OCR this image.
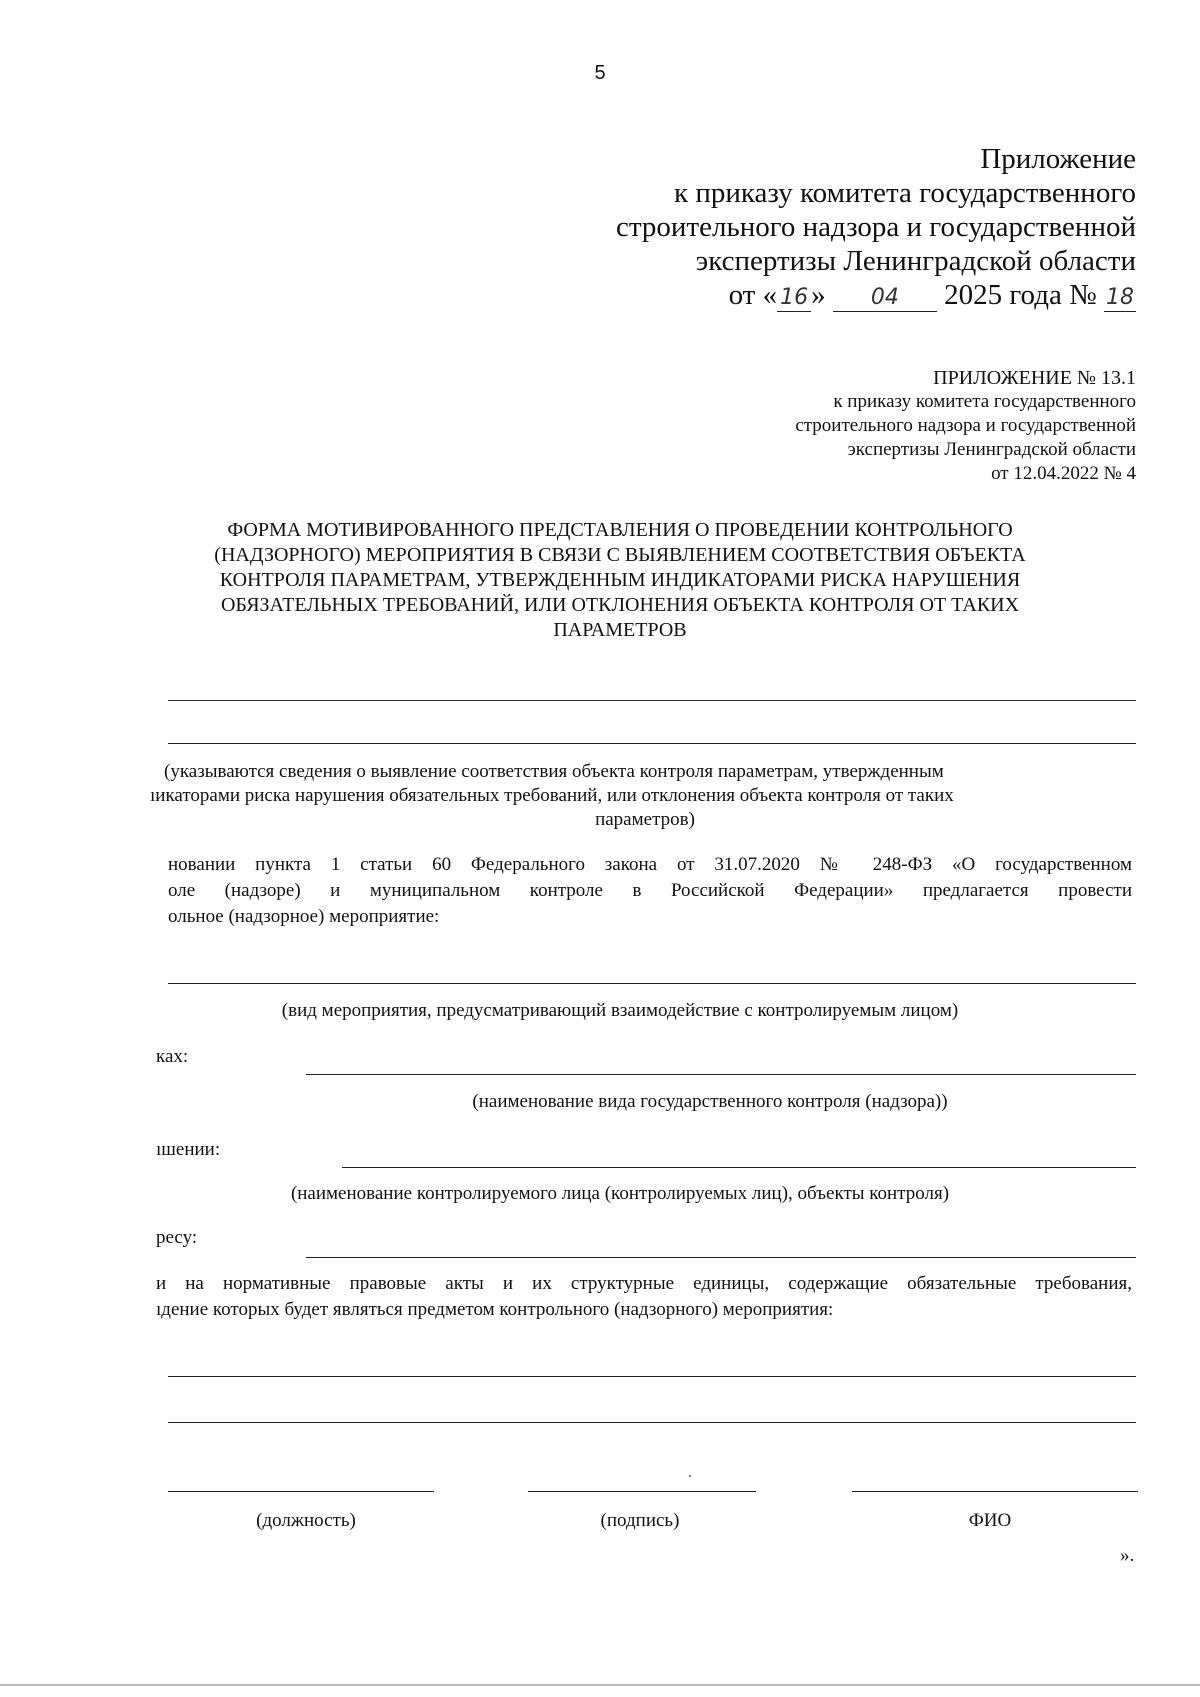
5
Приложение
к приказу комитета государственного
строительного надзора и государственной
экспертизы Ленинградской области
от « 16 » 04 2025 года № 18
ПРИЛОЖЕНИЕ № 13.1
к приказу комитета государственного
строительного надзора и государственной
экспертизы Ленинградской области
от 12.04.2022 № 4
ФОРМА МОТИВИРОВАННОГО ПРЕДСТАВЛЕНИЯ О ПРОВЕДЕНИИ КОНТРОЛЬНОГО
(НАДЗОРНОГО) МЕРОПРИЯТИЯ В СВЯЗИ С ВЫЯВЛЕНИЕМ СООТВЕТСТВИЯ ОБЪЕКТА
КОНТРОЛЯ ПАРАМЕТРАМ, УТВЕРЖДЕННЫМ ИНДИКАТОРАМИ РИСКА НАРУШЕНИЯ
ОБЯЗАТЕЛЬНЫХ ТРЕБОВАНИЙ, ИЛИ ОТКЛОНЕНИЯ ОБЪЕКТА КОНТРОЛЯ ОТ ТАКИХ
ПАРАМЕТРОВ
(указываются сведения о выявление соответствия объекта контроля параметрам, утвержденным
ıикаторами риска нарушения обязательных требований, или отклонения объекта контроля от таких
параметров)
новании пункта 1 статьи 60 Федерального закона от 31.07.2020 № 248-ФЗ «О государственном
оле (надзоре) и муниципальном контроле в Российской Федерации» предлагается провести
ольное (надзорное) мероприятие:
(вид мероприятия, предусматривающий взаимодействие с контролируемым лицом)
ках:
(наименование вида государственного контроля (надзора))
ıшении:
(наименование контролируемого лица (контролируемых лиц), объекты контроля)
ресу:
и на нормативные правовые акты и их структурные единицы, содержащие обязательные требования,
ıдение которых будет являться предметом контрольного (надзорного) мероприятия:
(должность)	(подпись)	ФИО
».
